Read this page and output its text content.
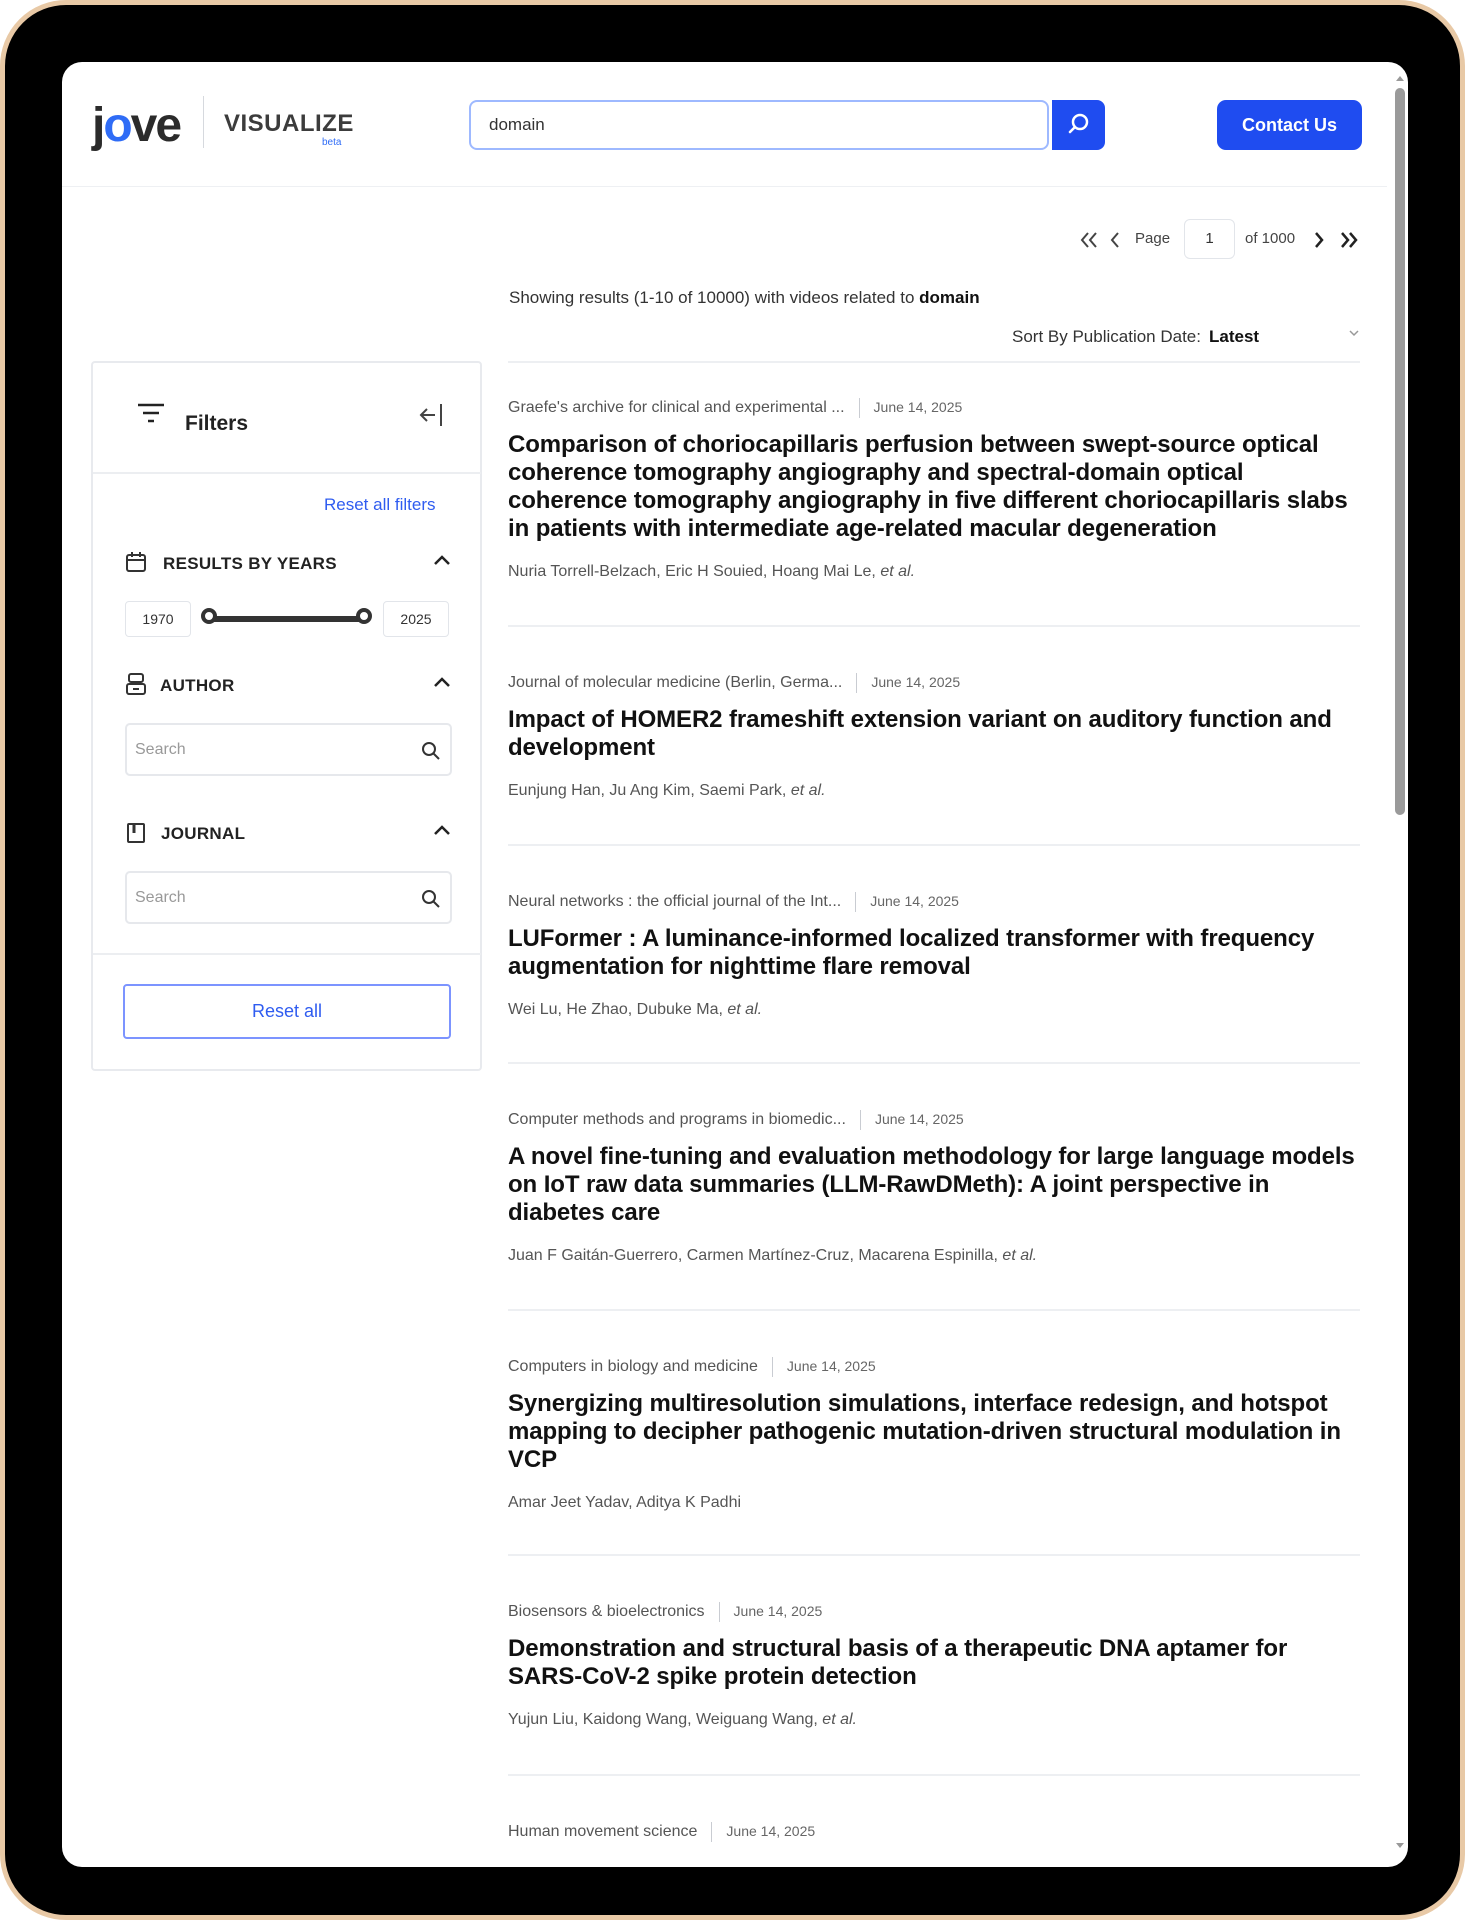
jove VISUALIZE
beta
domain	Contact Us
Page	1	of 1000
Showing results (1-10 of 10000) with videos related to domain
Sort By Publication Date: Latest
Filters
Reset all filters
RESULTS BY YEARS
1970	2025
AUTHOR
Search
JOURNAL
Search
Reset all
Graefe's archive for clinical and experimental ... June 14, 2025
Comparison of choriocapillaris perfusion between swept-source optical coherence tomography angiography and spectral-domain optical coherence tomography angiography in five different choriocapillaris slabs in patients with intermediate age-related macular degeneration
Nuria Torrell-Belzach, Eric H Souied, Hoang Mai Le, et al.
Journal of molecular medicine (Berlin, Germa... June 14, 2025
Impact of HOMER2 frameshift extension variant on auditory function and development
Eunjung Han, Ju Ang Kim, Saemi Park, et al.
Neural networks : the official journal of the Int... June 14, 2025
LUFormer : A luminance-informed localized transformer with frequency augmentation for nighttime flare removal
Wei Lu, He Zhao, Dubuke Ma, et al.
Computer methods and programs in biomedic... June 14, 2025
A novel fine-tuning and evaluation methodology for large language models on IoT raw data summaries (LLM-RawDMeth): A joint perspective in diabetes care
Juan F Gaitán-Guerrero, Carmen Martínez-Cruz, Macarena Espinilla, et al.
Computers in biology and medicine June 14, 2025
Synergizing multiresolution simulations, interface redesign, and hotspot mapping to decipher pathogenic mutation-driven structural modulation in VCP
Amar Jeet Yadav, Aditya K Padhi
Biosensors & bioelectronics June 14, 2025
Demonstration and structural basis of a therapeutic DNA aptamer for SARS-CoV-2 spike protein detection
Yujun Liu, Kaidong Wang, Weiguang Wang, et al.
Human movement science June 14, 2025
